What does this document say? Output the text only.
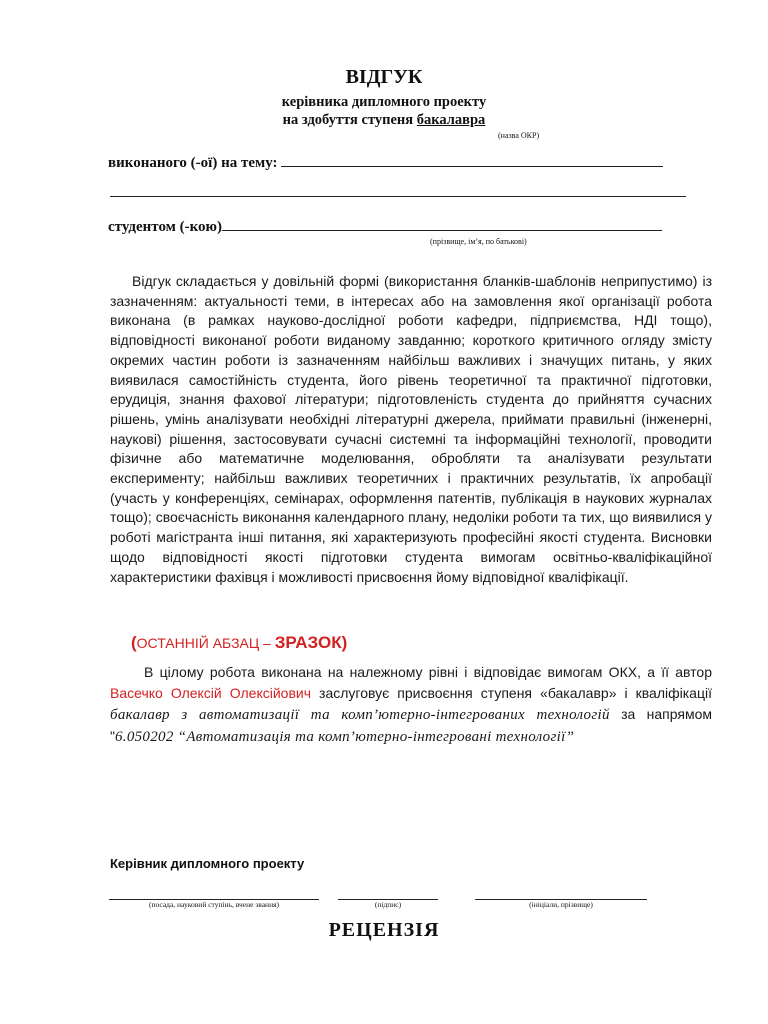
ВІДГУК
керівника дипломного проекту
на здобуття ступеня бакалавра
(назва ОКР)
виконаного (-ої) на тему:
студентом (-кою)
(прізвище, ім’я, по батькові)
Відгук складається у довільній формі (використання бланків-шаблонів неприпустимо) із зазначенням: актуальності теми, в інтересах або на замовлення якої організації робота виконана (в рамках науково-дослідної роботи кафедри, підприємства, НДІ тощо), відповідності виконаної роботи виданому завданню; короткого критичного огляду змісту окремих частин роботи із зазначенням найбільш важливих і значущих питань, у яких виявилася самостійність студента, його рівень теоретичної та практичної підготовки, ерудиція, знання фахової літератури; підготовленість студента до прийняття сучасних рішень, умінь аналізувати необхідні літературні джерела, приймати правильні (інженерні, наукові) рішення, застосовувати сучасні системні та інформаційні технології, проводити фізичне або математичне моделювання, обробляти та аналізувати результати експерименту; найбільш важливих теоретичних і практичних результатів, їх апробації (участь у конференціях, семінарах, оформлення патентів, публікація в наукових журналах тощо); своєчасність виконання календарного плану, недоліки роботи та тих, що виявилися у роботі магістранта інші питання, які характеризують професійні якості студента. Висновки щодо відповідності якості підготовки студента вимогам освітньо-кваліфікаційної характеристики фахівця і можливості присвоєння йому відповідної кваліфікації.
(ОСТАННІЙ АБЗАЦ – ЗРАЗОК)
В цілому робота виконана на належному рівні і відповідає вимогам ОКХ, а її автор Васечко Олексій Олексійович заслуговує присвоєння ступеня «бакалавр» і кваліфікації бакалавр з автоматизації та комп’ютерно-інтегрованих технологій за напрямом "6.050202 “Автоматизація та комп’ютерно-інтегровані технології”
Керівник дипломного проекту
(посада, науковий ступінь, вчене звання)	(підпис)	(ініціали, прізвище)
РЕЦЕНЗІЯ
